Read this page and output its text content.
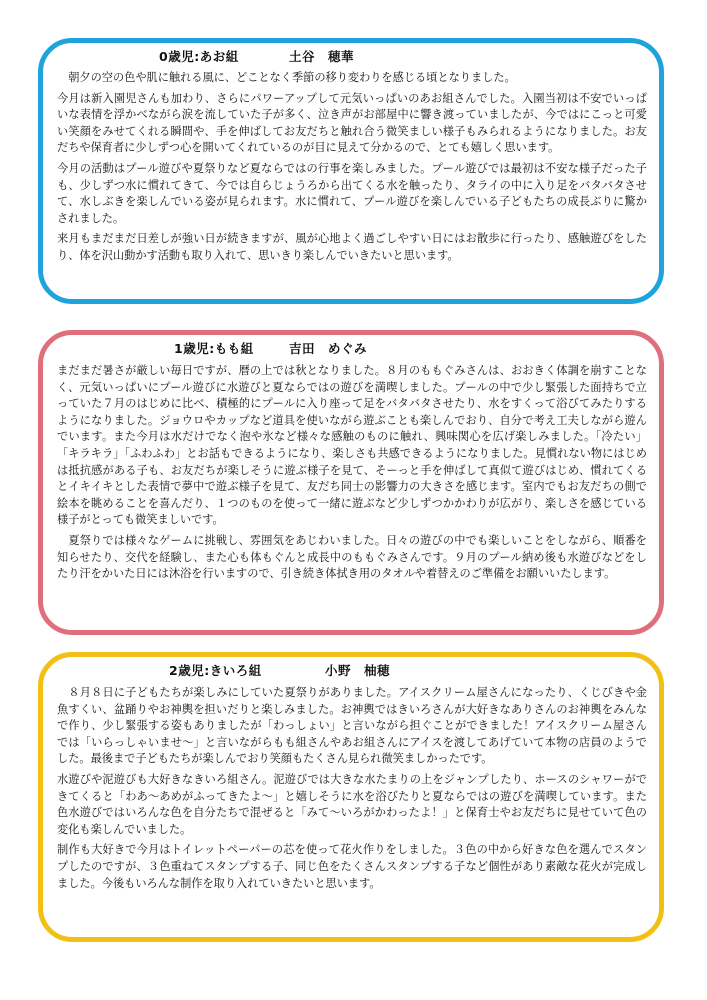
0歳児:あお組	土谷　穂華

　朝夕の空の色や肌に触れる風に、どことなく季節の移り変わりを感じる頃となりました。

今月は新入園児さんも加わり、さらにパワーアップして元気いっぱいのあお組さんでした。入園当初は不安でいっぱいな表情を浮かべながら涙を流していた子が多く、泣き声がお部屋中に響き渡っていましたが、今ではにこっと可愛い笑顔をみせてくれる瞬間や、手を伸ばしてお友だちと触れ合う微笑ましい様子もみられるようになりました。お友だちや保育者に少しずつ心を開いてくれているのが目に見えて分かるので、とても嬉しく思います。

今月の活動はプール遊びや夏祭りなど夏ならではの行事を楽しみました。プール遊びでは最初は不安な様子だった子も、少しずつ水に慣れてきて、今では自らじょうろから出てくる水を触ったり、タライの中に入り足をバタバタさせて、水しぶきを楽しんでいる姿が見られます。水に慣れて、プール遊びを楽しんでいる子どもたちの成長ぶりに驚かされました。

来月もまだまだ日差しが強い日が続きますが、風が心地よく過ごしやすい日にはお散歩に行ったり、感触遊びをしたり、体を沢山動かす活動も取り入れて、思いきり楽しんでいきたいと思います。

1歳児:もも組	吉田　めぐみ

まだまだ暑さが厳しい毎日ですが、暦の上では秋となりました。８月のももぐみさんは、おおきく体調を崩すことなく、元気いっぱいにプール遊びに水遊びと夏ならではの遊びを満喫しました。プールの中で少し緊張した面持ちで立っていた７月のはじめに比べ、積極的にプールに入り座って足をバタバタさせたり、水をすくって浴びてみたりするようになりました。ジョウロやカップなど道具を使いながら遊ぶことも楽しんでおり、自分で考え工夫しながら遊んでいます。また今月は水だけでなく泡や氷など様々な感触のものに触れ、興味関心を広げ楽しみました。「冷たい」「キラキラ」「ふわふわ」とお話もできるようになり、楽しさも共感できるようになりました。見慣れない物にはじめは抵抗感がある子も、お友だちが楽しそうに遊ぶ様子を見て、そーっと手を伸ばして真似て遊びはじめ、慣れてくるとイキイキとした表情で夢中で遊ぶ様子を見て、友だち同士の影響力の大きさを感じます。室内でもお友だちの側で絵本を眺めることを喜んだり、１つのものを使って一緒に遊ぶなど少しずつかかわりが広がり、楽しさを感じている様子がとっても微笑ましいです。

　夏祭りでは様々なゲームに挑戦し、雰囲気をあじわいました。日々の遊びの中でも楽しいことをしながら、順番を知らせたり、交代を経験し、また心も体もぐんと成長中のももぐみさんです。９月のプール納め後も水遊びなどをしたり汗をかいた日には沐浴を行いますので、引き続き体拭き用のタオルや着替えのご準備をお願いいたします。

2歳児:きいろ組	小野　柚穂

　８月８日に子どもたちが楽しみにしていた夏祭りがありました。アイスクリーム屋さんになったり、くじびきや金魚すくい、盆踊りやお神輿を担いだりと楽しみました。お神輿ではきいろさんが大好きなありさんのお神輿をみんなで作り、少し緊張する姿もありましたが「わっしょい」と言いながら担ぐことができました！アイスクリーム屋さんでは「いらっしゃいませ～」と言いながらもも組さんやあお組さんにアイスを渡してあげていて本物の店員のようでした。最後まで子どもたちが楽しんでおり笑顔もたくさん見られ微笑ましかったです。

水遊びや泥遊びも大好きなきいろ組さん。泥遊びでは大きな水たまりの上をジャンプしたり、ホースのシャワーができてくると「わあ～あめがふってきたよ～」と嬉しそうに水を浴びたりと夏ならではの遊びを満喫しています。また色水遊びではいろんな色を自分たちで混ぜると「みて～いろがかわったよ！」と保育士やお友だちに見せていて色の変化も楽しんでいました。

制作も大好きで今月はトイレットペーパーの芯を使って花火作りをしました。３色の中から好きな色を選んでスタンプしたのですが、３色重ねてスタンプする子、同じ色をたくさんスタンプする子など個性があり素敵な花火が完成しました。今後もいろんな制作を取り入れていきたいと思います。
